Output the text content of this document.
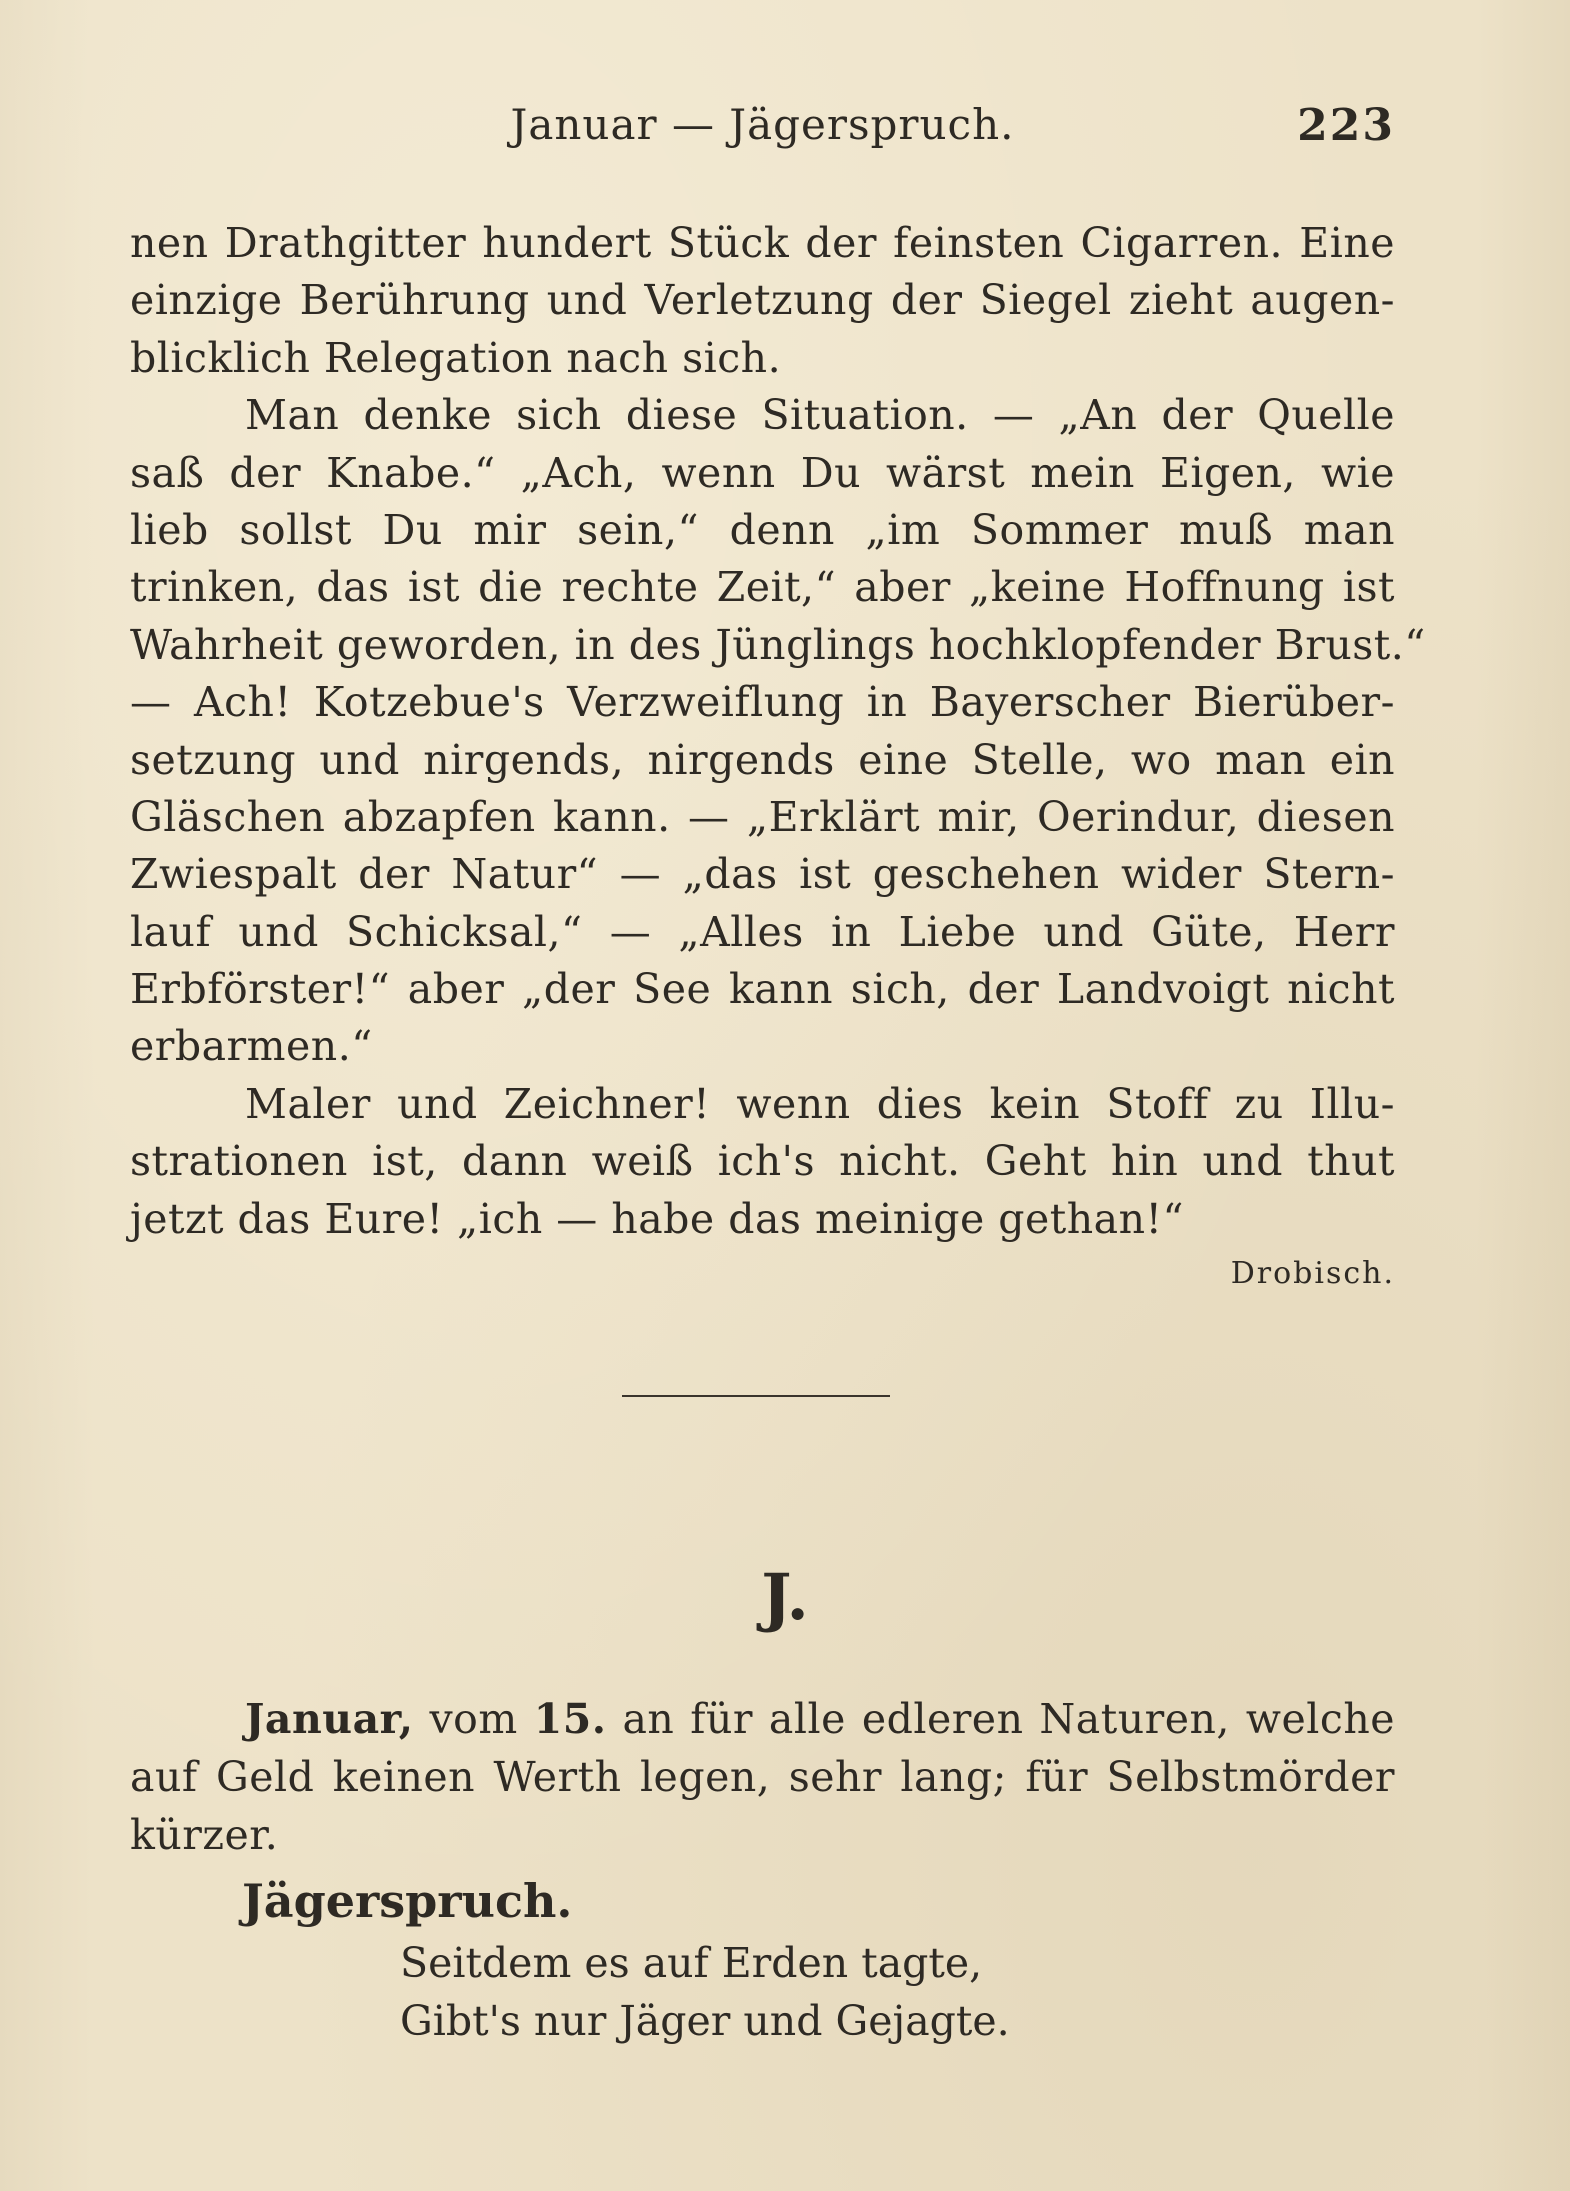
Januar — Jägerspruch.	223
nen Drathgitter hundert Stück der feinsten Cigarren. Eine
einzige Berührung und Verletzung der Siegel zieht augen-
blicklich Relegation nach sich.
Man denke sich diese Situation. — „An der Quelle
saß der Knabe.“ „Ach, wenn Du wärst mein Eigen, wie
lieb sollst Du mir sein,“ denn „im Sommer muß man
trinken, das ist die rechte Zeit,“ aber „keine Hoffnung ist
Wahrheit geworden, in des Jünglings hochklopfender Brust.“
— Ach! Kotzebue's Verzweiflung in Bayerscher Bierüber-
setzung und nirgends, nirgends eine Stelle, wo man ein
Gläschen abzapfen kann. — „Erklärt mir, Oerindur, diesen
Zwiespalt der Natur“ — „das ist geschehen wider Stern-
lauf und Schicksal,“ — „Alles in Liebe und Güte, Herr
Erbförster!“ aber „der See kann sich, der Landvoigt nicht
erbarmen.“
Maler und Zeichner! wenn dies kein Stoff zu Illu-
strationen ist, dann weiß ich's nicht. Geht hin und thut
jetzt das Eure! „ich — habe das meinige gethan!“
Drobisch.
J.
Januar, vom 15. an für alle edleren Naturen, welche
auf Geld keinen Werth legen, sehr lang; für Selbstmörder
kürzer.
Jägerspruch.
Seitdem es auf Erden tagte,
Gibt's nur Jäger und Gejagte.
